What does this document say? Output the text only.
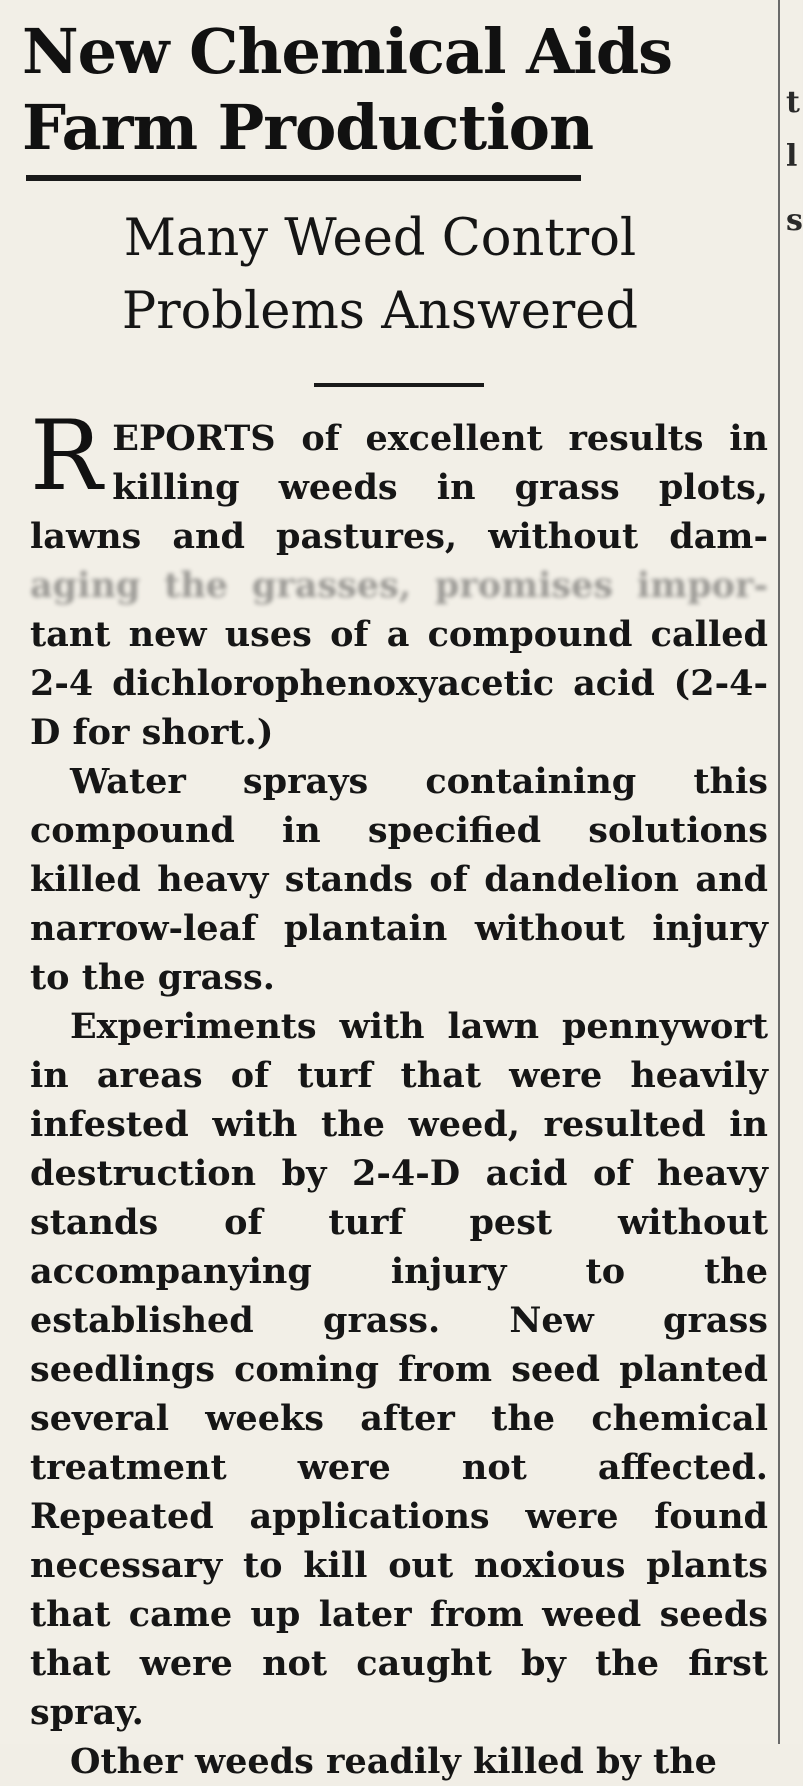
t
l
s
New Chemical Aids
Farm Production
Many Weed Control
Problems Answered

REPORTS of excellent results in killing weeds in grass plots, lawns and pastures, without dam- aging the grasses, promises impor- tant new uses of a compound called 2-4 dichlorophenoxyacetic acid (2-4-D for short.)

Water sprays containing this compound in specified solutions killed heavy stands of dandelion and narrow-leaf plantain without injury to the grass.

Experiments with lawn pennywort in areas of turf that were heavily infested with the weed, resulted in destruction by 2-4-D acid of heavy stands of turf pest without accompanying injury to the established grass. New grass seedlings coming from seed planted several weeks after the chemical treatment were not affected. Repeated applications were found necessary to kill out noxious plants that came up later from weed seeds that were not caught by the first spray.

Other weeds readily killed by the
